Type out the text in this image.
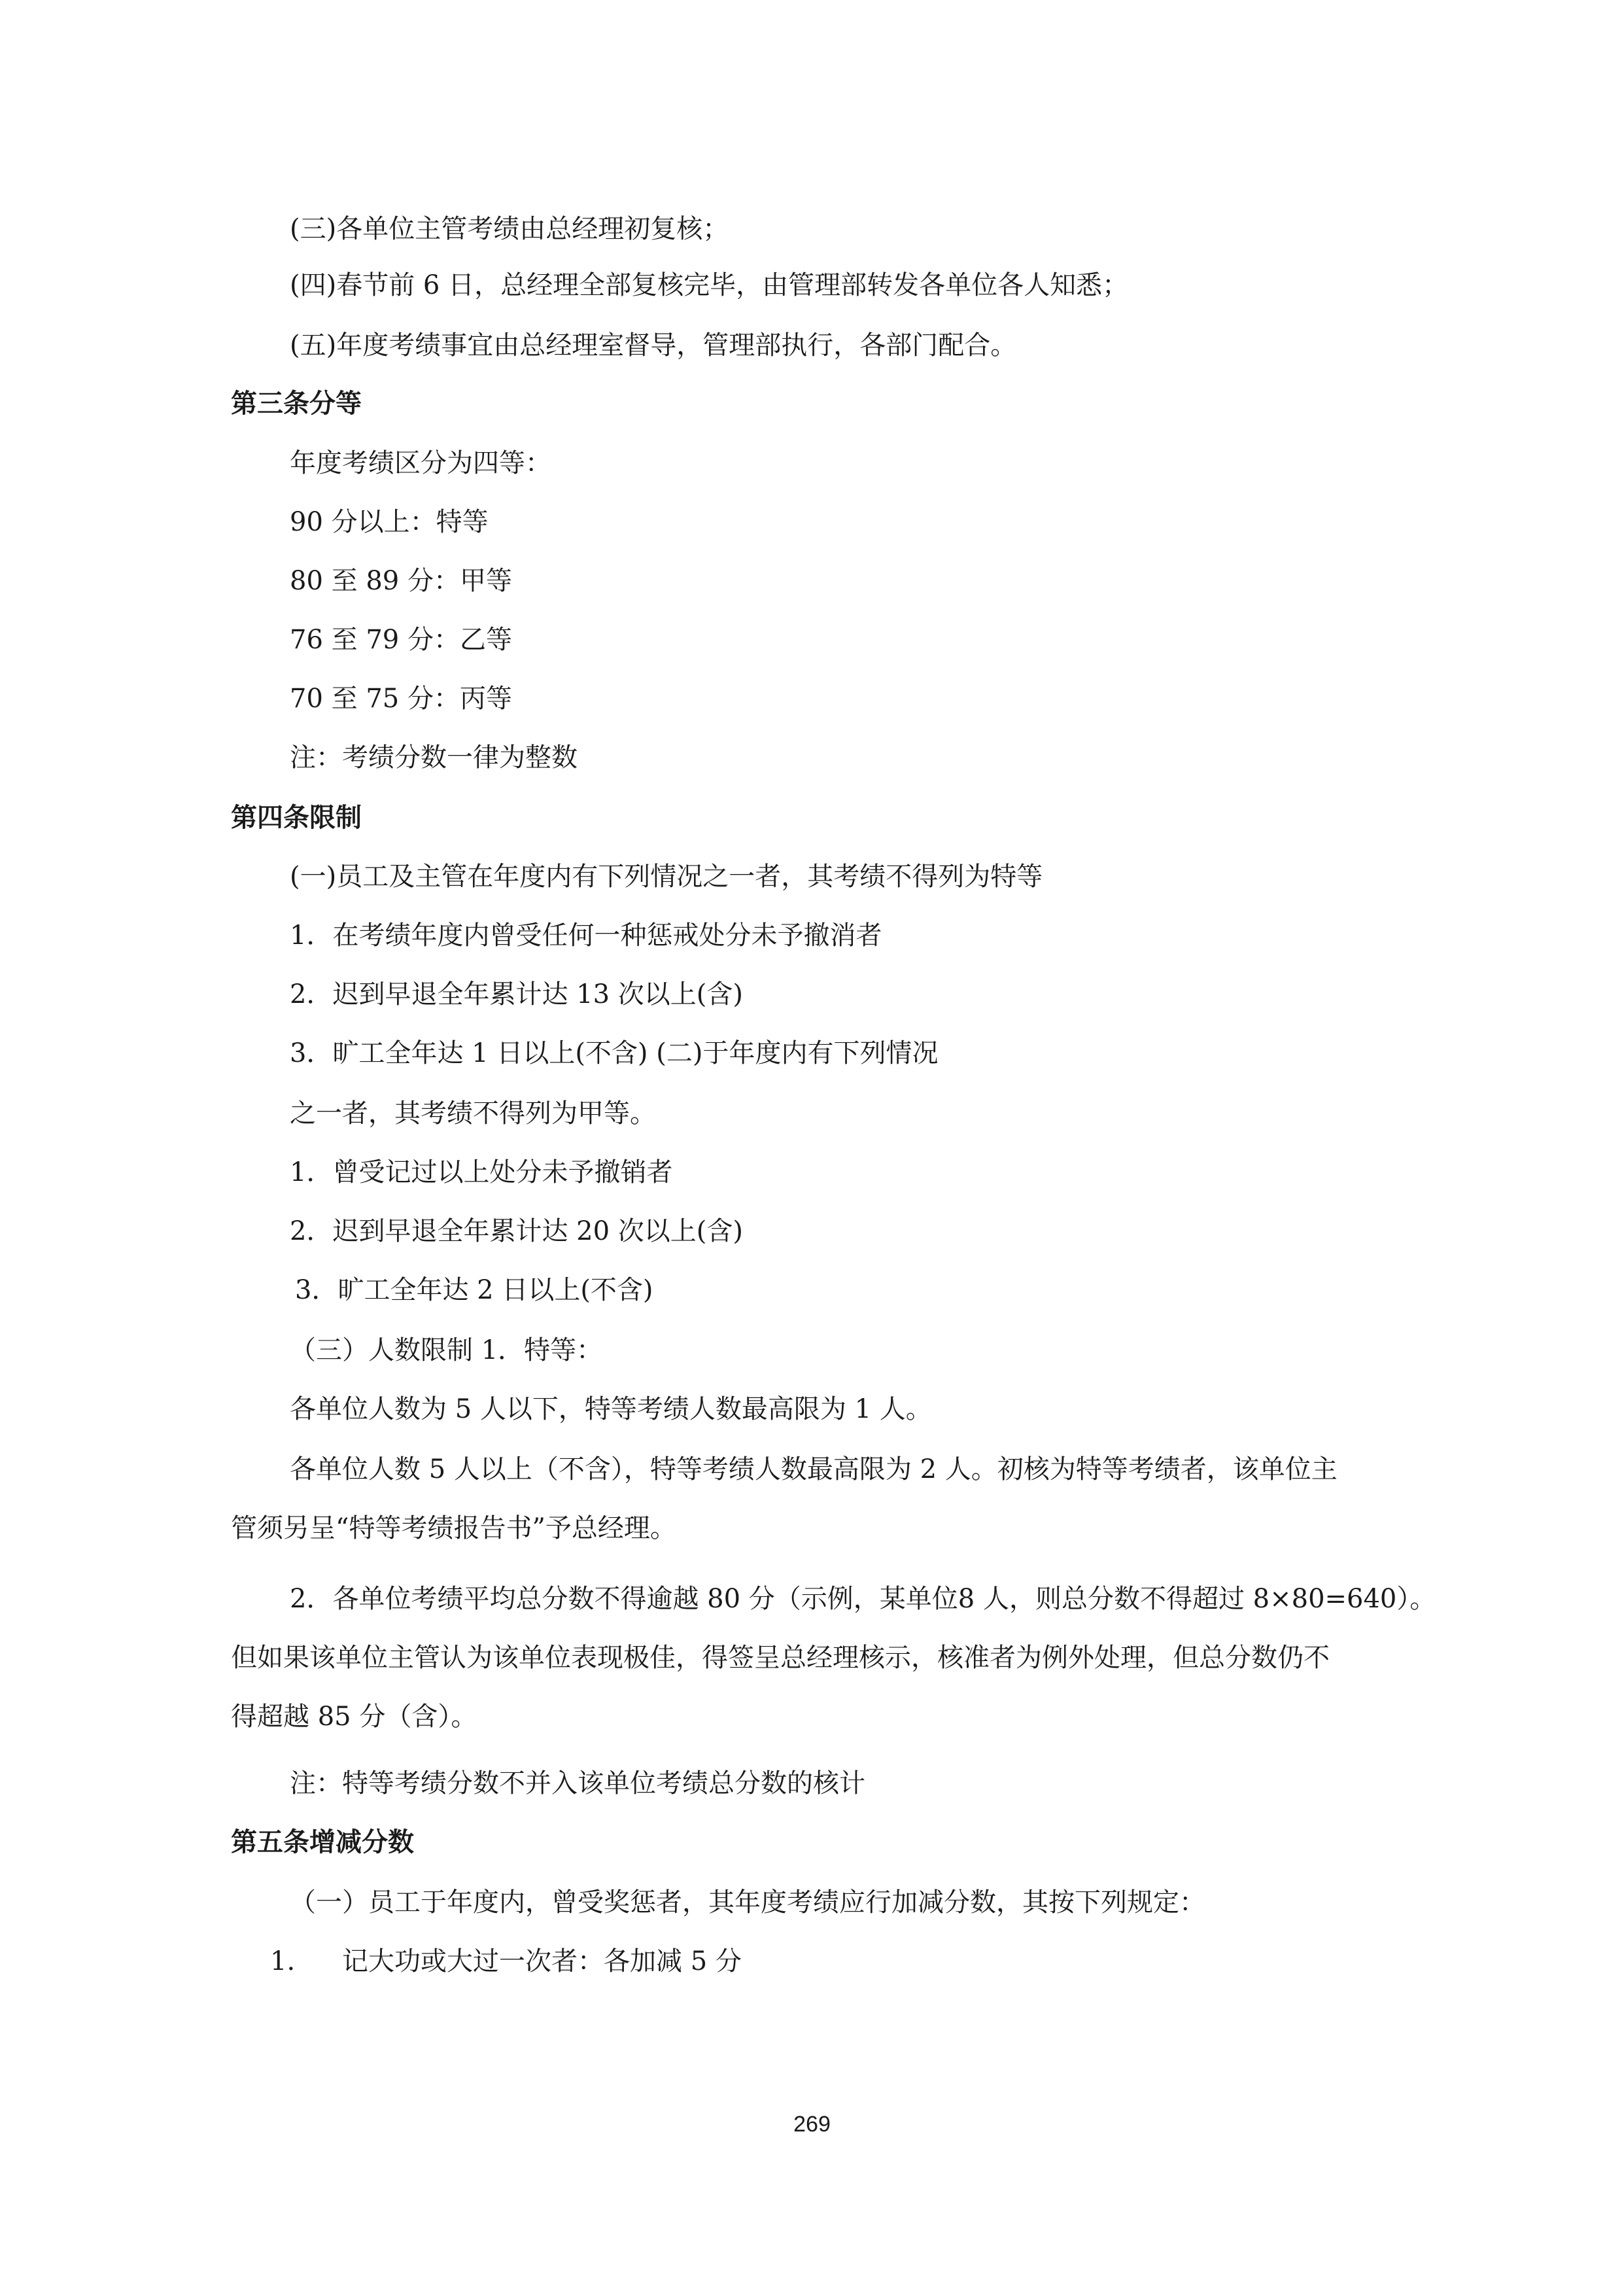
(三)各单位主管考绩由总经理初复核；
(四)春节前 6 日，总经理全部复核完毕，由管理部转发各单位各人知悉；
(五)年度考绩事宜由总经理室督导，管理部执行，各部门配合。
第三条分等
年度考绩区分为四等：
90 分以上：特等
80 至 89 分：甲等
76 至 79 分：乙等
70 至 75 分：丙等
注：考绩分数一律为整数
第四条限制
(一)员工及主管在年度内有下列情况之一者，其考绩不得列为特等
1．在考绩年度内曾受任何一种惩戒处分未予撤消者
2．迟到早退全年累计达 13 次以上(含)
3．旷工全年达 1 日以上(不含) (二)于年度内有下列情况
之一者，其考绩不得列为甲等。
1．曾受记过以上处分未予撤销者
2．迟到早退全年累计达 20 次以上(含)
3．旷工全年达 2 日以上(不含)
（三）人数限制 1．特等：
各单位人数为 5 人以下，特等考绩人数最高限为 1 人。
各单位人数 5 人以上（不含），特等考绩人数最高限为 2 人。初核为特等考绩者，该单位主
管须另呈“特等考绩报告书”予总经理。
2．各单位考绩平均总分数不得逾越 80 分（示例，某单位8 人，则总分数不得超过 8×80=640）。
但如果该单位主管认为该单位表现极佳，得签呈总经理核示，核准者为例外处理，但总分数仍不
得超越 85 分（含）。
注：特等考绩分数不并入该单位考绩总分数的核计
第五条增减分数
（一）员工于年度内，曾受奖惩者，其年度考绩应行加减分数，其按下列规定：
1. 记大功或大过一次者：各加减 5 分
269
